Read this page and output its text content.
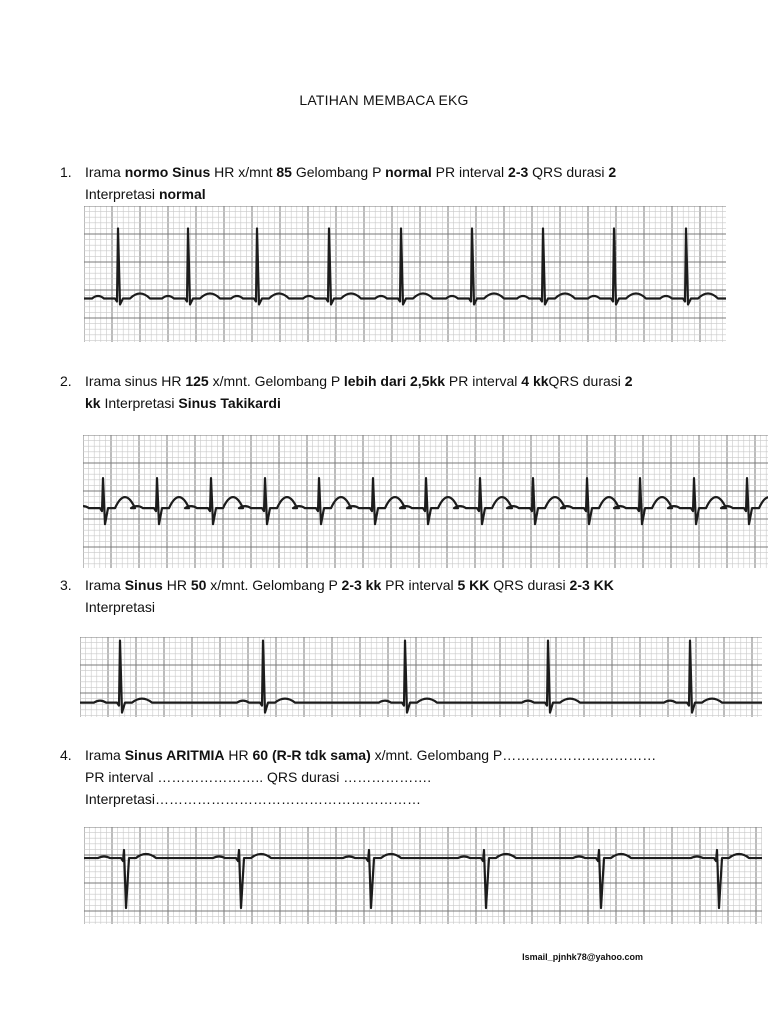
LATIHAN MEMBACA EKG
1. Irama normo Sinus HR x/mnt 85 Gelombang P normal PR interval 2-3 QRS durasi 2
Interpretasi normal
2. Irama sinus HR 125 x/mnt. Gelombang P lebih dari 2,5kk PR interval 4 kkQRS durasi 2
kk Interpretasi Sinus Takikardi
3. Irama Sinus HR 50 x/mnt. Gelombang P 2-3 kk PR interval 5 KK QRS durasi 2-3 KK
Interpretasi
4. Irama Sinus ARITMIA HR 60 (R-R tdk sama) x/mnt. Gelombang P……………………………
PR interval ………………….. QRS durasi ……………….
Interpretasi…………………………………………………
Ismail_pjnhk78@yahoo.com
